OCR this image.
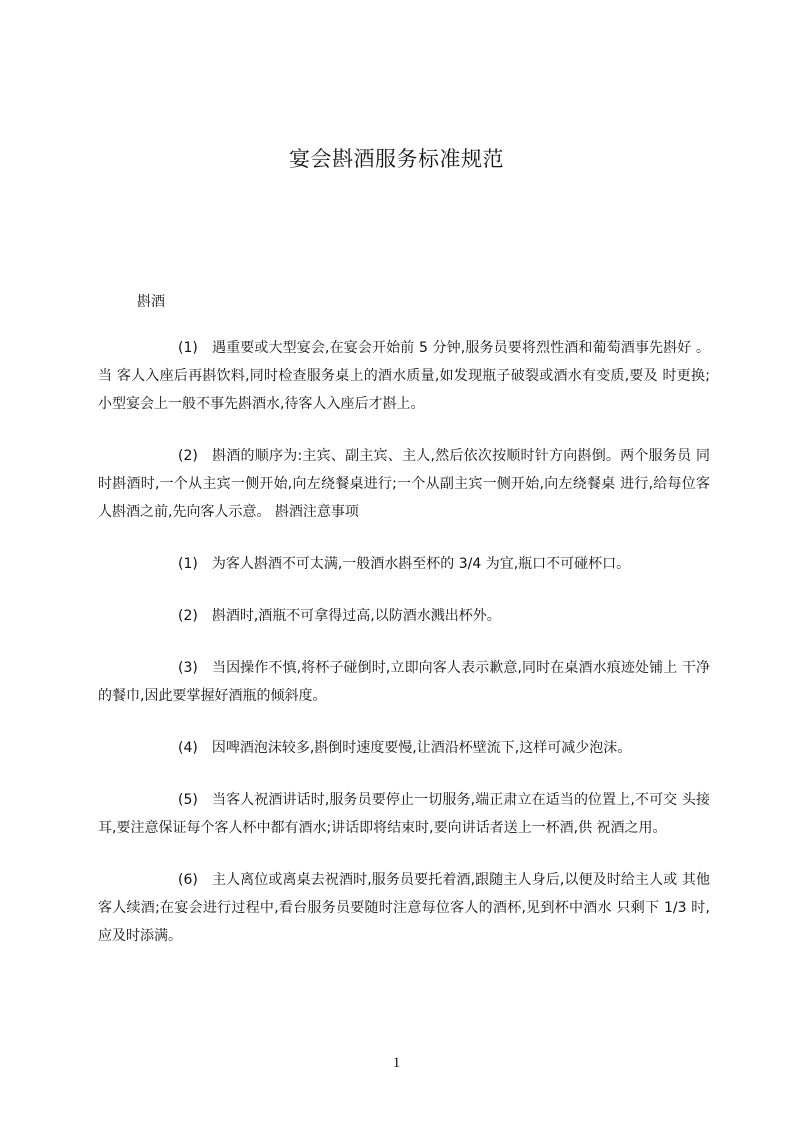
宴会斟酒服务标准规范
斟酒

(1) 遇重要或大型宴会,在宴会开始前 5 分钟,服务员要将烈性酒和葡萄酒事先斟好 。当 客人入座后再斟饮料,同时检查服务桌上的酒水质量,如发现瓶子破裂或酒水有变质,要及 时更换;小型宴会上一般不事先斟酒水,待客人入座后才斟上。

(2) 斟酒的顺序为:主宾、副主宾、主人,然后依次按顺时针方向斟倒。两个服务员 同时斟酒时,一个从主宾一侧开始,向左绕餐桌进行;一个从副主宾一侧开始,向左绕餐桌 进行,给每位客人斟酒之前,先向客人示意。 斟酒注意事项

(1) 为客人斟酒不可太满,一般酒水斟至杯的 3/4 为宜,瓶口不可碰杯口。

(2) 斟酒时,酒瓶不可拿得过高,以防酒水溅出杯外。

(3) 当因操作不慎,将杯子碰倒时,立即向客人表示歉意,同时在桌酒水痕迹处铺上 干净的餐巾,因此要掌握好酒瓶的倾斜度。

(4) 因啤酒泡沫较多,斟倒时速度要慢,让酒沿杯壁流下,这样可减少泡沫。

(5) 当客人祝酒讲话时,服务员要停止一切服务,端正肃立在适当的位置上,不可交 头接耳,要注意保证每个客人杯中都有酒水;讲话即将结束时,要向讲话者送上一杯酒,供 祝酒之用。

(6) 主人离位或离桌去祝酒时,服务员要托着酒,跟随主人身后,以便及时给主人或 其他客人续酒;在宴会进行过程中,看台服务员要随时注意每位客人的酒杯,见到杯中酒水 只剩下 1/3 时,应及时添满。

1
